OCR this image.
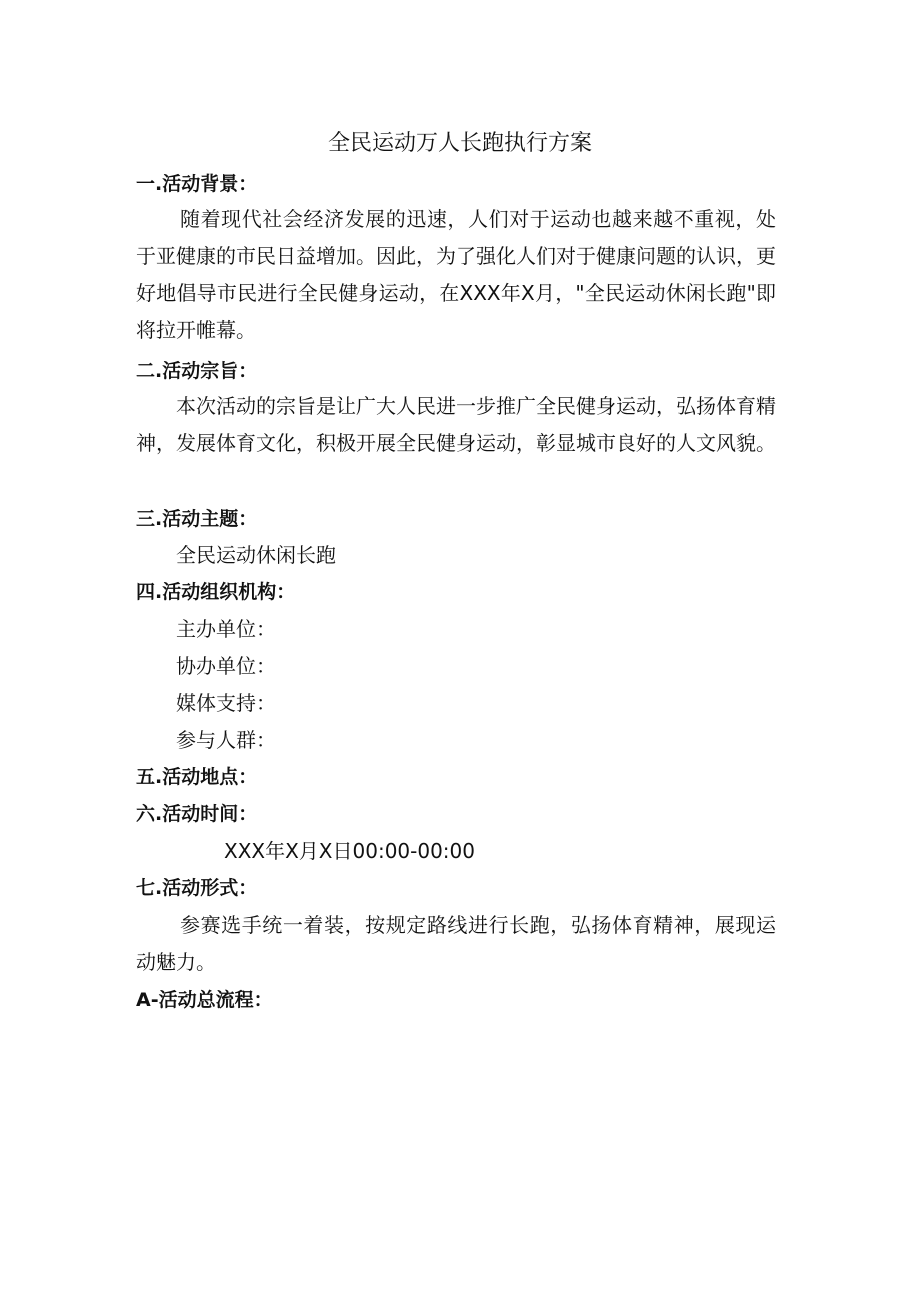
全民运动万人长跑执行方案
一.活动背景：

随着现代社会经济发展的迅速，人们对于运动也越来越不重视，处于亚健康的市民日益增加。因此，为了强化人们对于健康问题的认识，更好地倡导市民进行全民健身运动，在XXX年X月，"全民运动休闲长跑"即将拉开帷幕。

二.活动宗旨：

本次活动的宗旨是让广大人民进一步推广全民健身运动，弘扬体育精神，发展体育文化，积极开展全民健身运动，彰显城市良好的人文风貌。

三.活动主题：

全民运动休闲长跑

四.活动组织机构：

主办单位：

协办单位：

媒体支持：

参与人群：

五.活动地点：
六.活动时间：

XXX年X月X日00:00-00:00

七.活动形式：

参赛选手统一着装，按规定路线进行长跑，弘扬体育精神，展现运动魅力。

A-活动总流程：
